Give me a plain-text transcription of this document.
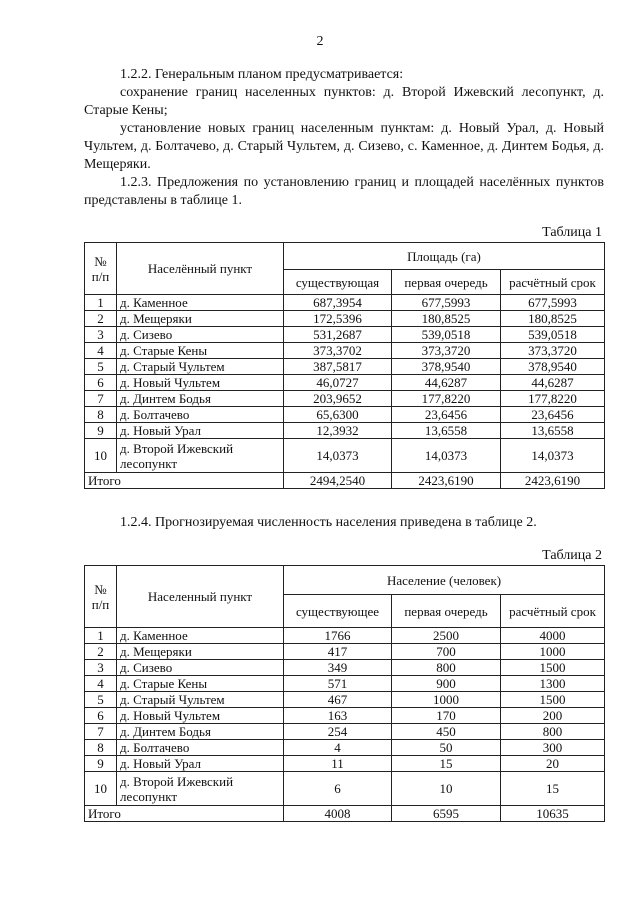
2
1.2.2. Генеральным планом предусматривается:
сохранение границ населенных пунктов: д. Второй Ижевский лесопункт, д. Старые Кены;
установление новых границ населенным пунктам: д. Новый Урал, д. Новый Чультем, д. Болтачево, д. Старый Чультем, д. Сизево, с. Каменное, д. Динтем Бодья, д. Мещеряки.
1.2.3. Предложения по установлению границ и площадей населённых пунктов представлены в таблице 1.
Таблица 1
№ п/п	Населённый пункт	Площадь (га)		
		существующая	первая очередь	расчётный срок
1	д. Каменное	687,3954	677,5993	677,5993
2	д. Мещеряки	172,5396	180,8525	180,8525
3	д. Сизево	531,2687	539,0518	539,0518
4	д. Старые Кены	373,3702	373,3720	373,3720
5	д. Старый Чультем	387,5817	378,9540	378,9540
6	д. Новый Чультем	46,0727	44,6287	44,6287
7	д. Динтем Бодья	203,9652	177,8220	177,8220
8	д. Болтачево	65,6300	23,6456	23,6456
9	д. Новый Урал	12,3932	13,6558	13,6558
10	д. Второй Ижевский лесопункт	14,0373	14,0373	14,0373
Итого		2494,2540	2423,6190	2423,6190
1.2.4. Прогнозируемая численность населения приведена в таблице 2.
Таблица 2
№ п/п	Населенный пункт	Население (человек)		
		существующее	первая очередь	расчётный срок
1	д. Каменное	1766	2500	4000
2	д. Мещеряки	417	700	1000
3	д. Сизево	349	800	1500
4	д. Старые Кены	571	900	1300
5	д. Старый Чультем	467	1000	1500
6	д. Новый Чультем	163	170	200
7	д. Динтем Бодья	254	450	800
8	д. Болтачево	4	50	300
9	д. Новый Урал	11	15	20
10	д. Второй Ижевский лесопункт	6	10	15
Итого		4008	6595	10635
